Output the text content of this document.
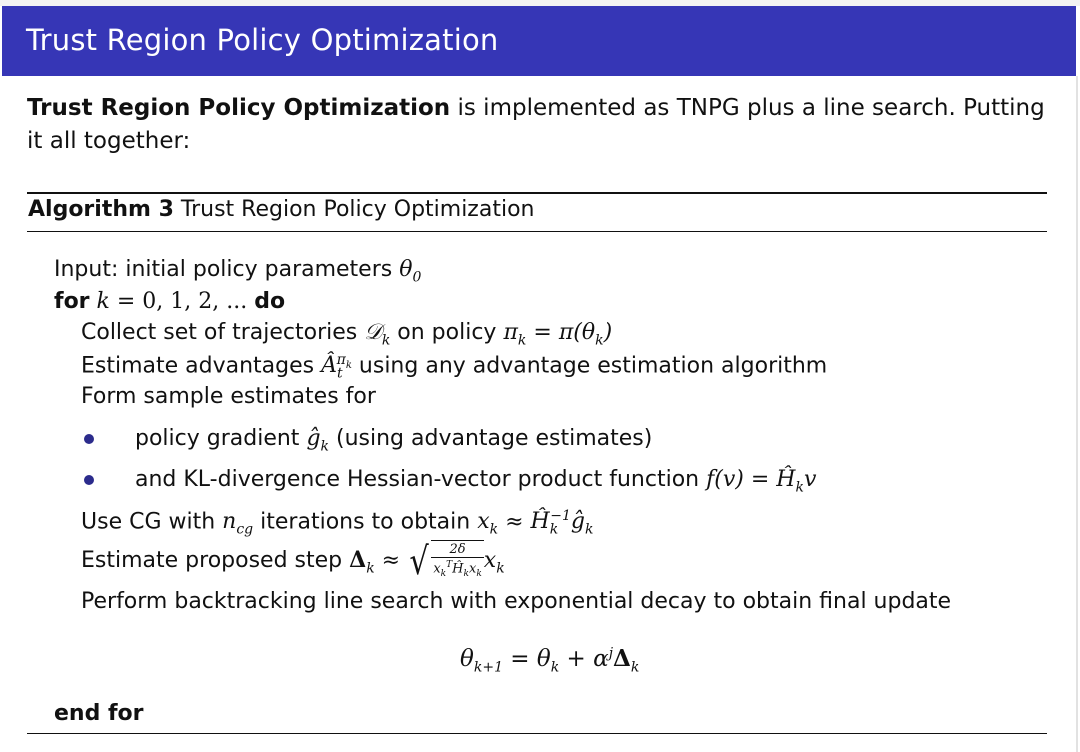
Trust Region Policy Optimization
Trust Region Policy Optimization is implemented as TNPG plus a line search. Putting it all together:
Algorithm 3 Trust Region Policy Optimization
Input: initial policy parameters $\theta_0$
for k = 0, 1, 2, ... do
Collect set of trajectories 𝒟$_k$ on policy $\pi_k = \pi(\theta_k)$
Estimate advantages $Â_t^{\pi_k}$ using any advantage estimation algorithm
Form sample estimates for
policy gradient $ĝ_k$ (using advantage estimates)
and KL-divergence Hessian-vector product function $f(v) = Ĥ_kv$
Use CG with $n_{cg}$ iterations to obtain $x_k$ ≈ $Ĥ_k^{-1}ĝ_k$
Estimate proposed step $\Delta_k$ ≈ √ $\frac{2\delta}{x_k^TĤ_kx_k} x_k$
Perform backtracking line search with exponential decay to obtain final update
$\theta_{k+1} = \theta_k + \alpha^j\Delta_k$
end for
